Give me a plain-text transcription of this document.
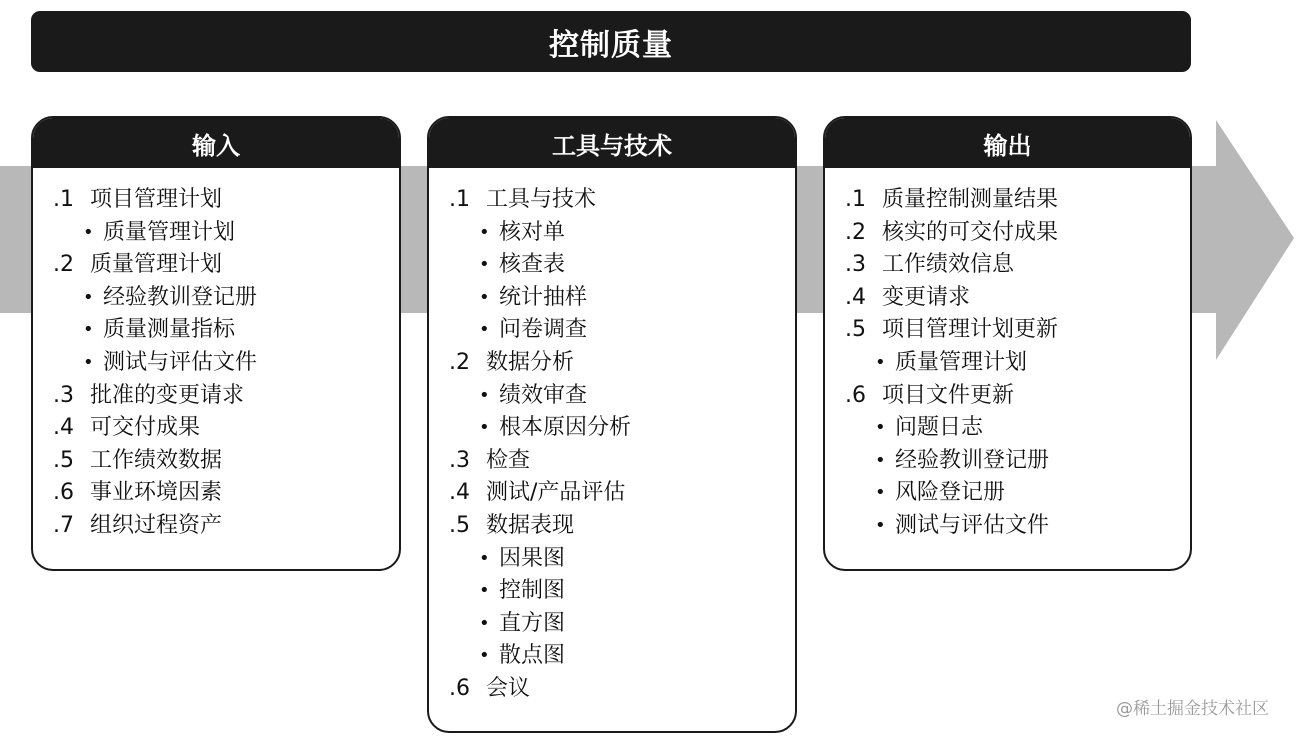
控制质量
输入
.1
项目管理计划
• 质量管理计划
.2
质量管理计划
• 经验教训登记册
• 质量测量指标
• 测试与评估文件
.3
批准的变更请求
.4
可交付成果
.5
工作绩效数据
.6
事业环境因素
.7
组织过程资产
工具与技术
.1
工具与技术
• 核对单
• 核查表
• 统计抽样
• 问卷调查
.2
数据分析
• 绩效审查
• 根本原因分析
.3
检查
.4
测试/产品评估
.5
数据表现
• 因果图
• 控制图
• 直方图
• 散点图
.6
会议
输出
.1
质量控制测量结果
.2
核实的可交付成果
.3
工作绩效信息
.4
变更请求
.5
项目管理计划更新
• 质量管理计划
.6
项目文件更新
• 问题日志
• 经验教训登记册
• 风险登记册
• 测试与评估文件
@稀土掘金技术社区
